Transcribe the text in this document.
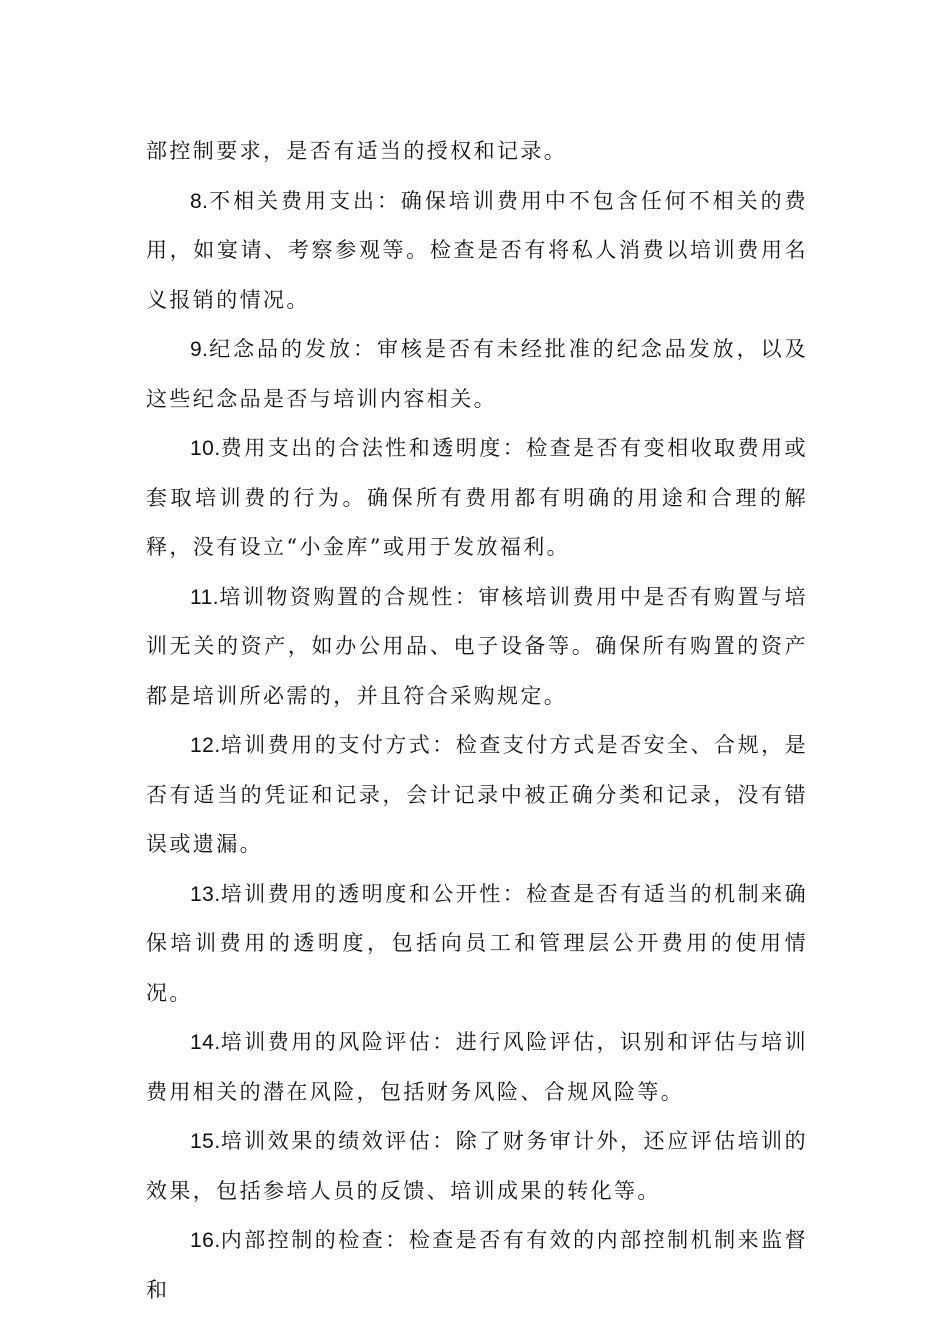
部控制要求，是否有适当的授权和记录。

8.不相关费用支出：确保培训费用中不包含任何不相关的费用，如宴请、考察参观等。检查是否有将私人消费以培训费用名义报销的情况。

9.纪念品的发放：审核是否有未经批准的纪念品发放，以及这些纪念品是否与培训内容相关。

10.费用支出的合法性和透明度：检查是否有变相收取费用或套取培训费的行为。确保所有费用都有明确的用途和合理的解释，没有设立“小金库”或用于发放福利。

11.培训物资购置的合规性：审核培训费用中是否有购置与培训无关的资产，如办公用品、电子设备等。确保所有购置的资产都是培训所必需的，并且符合采购规定。

12.培训费用的支付方式：检查支付方式是否安全、合规，是否有适当的凭证和记录，会计记录中被正确分类和记录，没有错误或遗漏。

13.培训费用的透明度和公开性：检查是否有适当的机制来确保培训费用的透明度，包括向员工和管理层公开费用的使用情况。

14.培训费用的风险评估：进行风险评估，识别和评估与培训费用相关的潜在风险，包括财务风险、合规风险等。

15.培训效果的绩效评估：除了财务审计外，还应评估培训的效果，包括参培人员的反馈、培训成果的转化等。

16.内部控制的检查：检查是否有有效的内部控制机制来监督和
